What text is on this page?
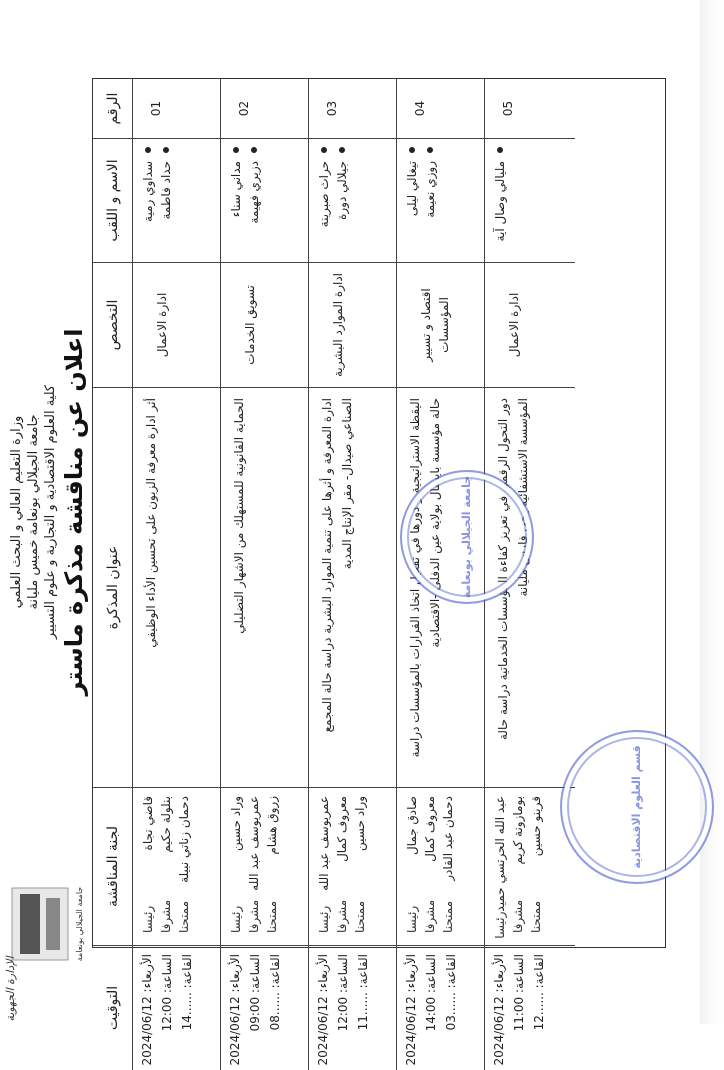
وزارة التعليم العالي و البحث العلمي جامعة الجيلالي بونعامة خميس مليانة كلية العلوم الاقتصادية و التجارية و علوم التسيير اعلان عن مناقشة مذكرة ماستر
جامعة الجيلالي بونعامة
الإدارة الجهوية
الرقم
الاسم و اللقب
التخصص
عنوان المذكرة
لجنة المناقشة
التوقيت
01
سداوي رمية حداد فاطمة
ادارة الاعمال
أثر ادارة معرفة الزبون على تحسين الأداء الوظيفي
قاضي نجاة
رئيسا
بنلولة حكيم
مشرفا
دحمان زناتي نبيلة
ممتحنا
الأربعاء: 2024/06/12
الساعة: 12:00
القاعة: ......14
02
مداني سناء دزيري فهيمة
تسويق الخدمات
الحماية القانونية للمستهلك من الاشهار التضليلي
وراد حسين
رئيسا
عمريوسف عبد الله
مشرفا
زروق هشام
ممتحنا
الأربعاء: 2024/06/12
الساعة: 09:00
القاعة: ......08
03
حراث صبرينة جيلالي دورة
ادارة الموارد البشرية
ادارة المعرفة و أثرها على تنمية الموارد البشرية دراسة حالة المجمع الصناعي صيدال- مقر الإنتاج المدية
عمريوسف عبد الله
رئيسا
معروف كمال
مشرفا
وراد حسين
ممتحنا
الأربعاء: 2024/06/12
الساعة: 12:00
القاعة: ......11
04
تيغالي ليلى روزي نعيمة
اقتصاد و تسيير المؤسسات
اليقظة الاستراتيجية و دورها في تفعيل اتخاذ القرارات بالمؤسسات دراسة حالة مؤسسة بايبنتال بولاية عين الدفلى -الاقتصادية
صادق جمال
رئيسا
معروف كمال
مشرفا
دحمان عبد القادر
ممتحنا
الأربعاء: 2024/06/12
الساعة: 14:00
القاعة: ......03
05
مليالي وصال آية
ادارة الاعمال
دور التحول الرقمي في تعزيز كفاءة المؤسسات الخدماتية دراسة حالة المؤسسة الاستشفائية يحي فارس مليانة
عبد الله الحرتسي حميد
رئيسا
بومازونة كريم
مشرفا
قرينو حسين
ممتحنا
الأربعاء: 2024/06/12
الساعة: 11:00
القاعة: ......12
جامعة الجيلالي بونعامة
قسم العلوم الاقتصادية
